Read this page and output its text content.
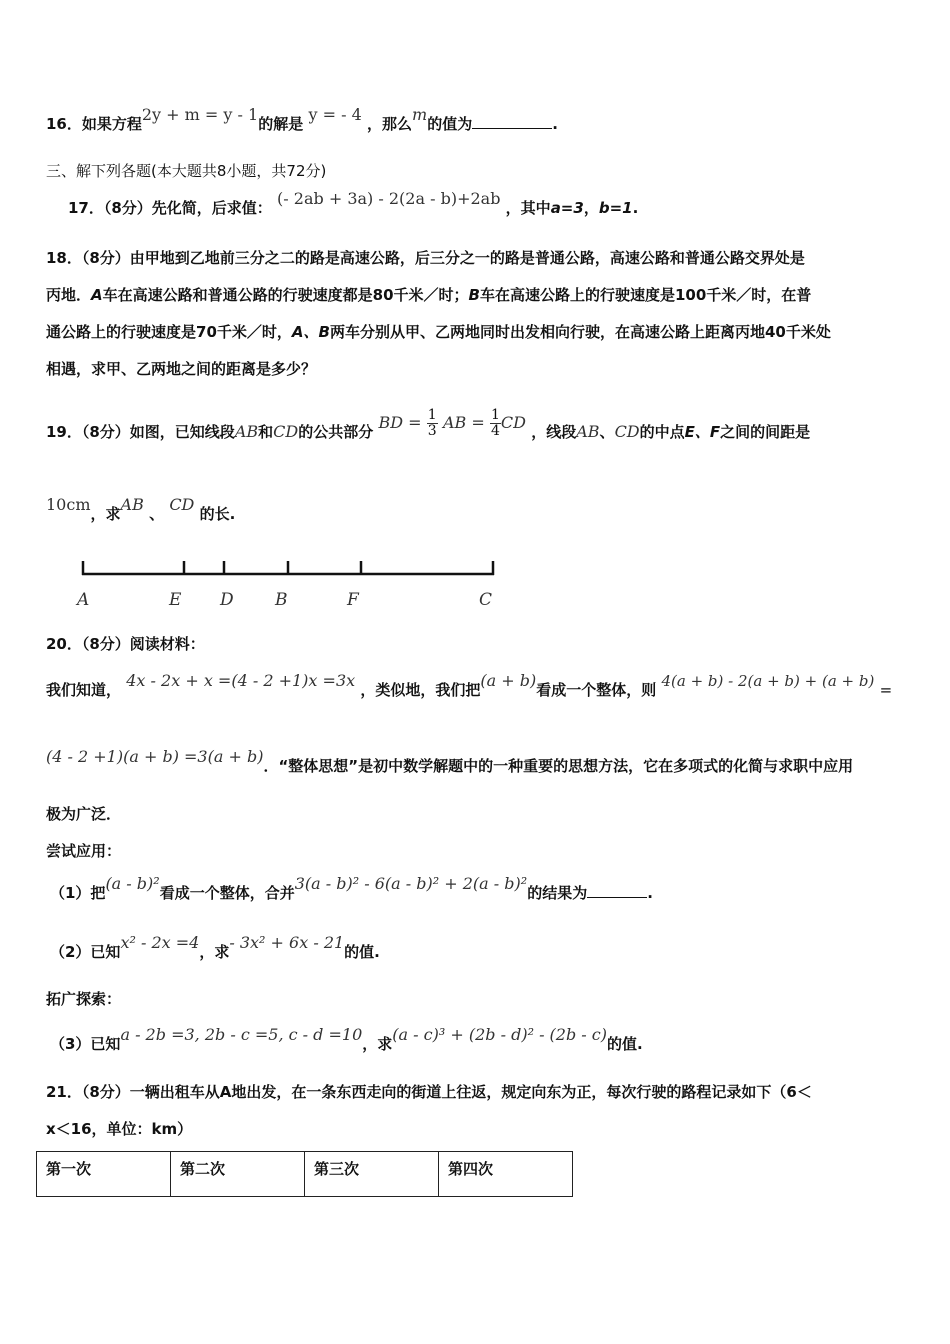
16．如果方程2y + m = y - 1的解是 y = - 4 ，那么m的值为	.
三、解下列各题(本大题共8小题，共72分)
17．（8分）先化简，后求值： (- 2ab + 3a) - 2(2a - b)+2ab ，其中a=3，b=1.
18．（8分）由甲地到乙地前三分之二的路是高速公路，后三分之一的路是普通公路，高速公路和普通公路交界处是
丙地．A车在高速公路和普通公路的行驶速度都是80千米／时；B车在高速公路上的行驶速度是100千米／时，在普
通公路上的行驶速度是70千米／时，A、B两车分别从甲、乙两地同时出发相向行驶，在高速公路上距离丙地40千米处
相遇，求甲、乙两地之间的距离是多少？
19．（8分）如图，已知线段AB和CD的公共部分 BD = $\frac{1}{3}$ AB = $\frac{1}{4}$ CD ，线段AB、CD的中点E、F之间的间距是
10cm，求AB 、 CD 的长.
A	E D B	F	C
20．（8分）阅读材料：
我们知道， 4x - 2x + x =(4 - 2 +1)x =3x ，类似地，我们把(a + b)看成一个整体，则 4(a + b) - 2(a + b) + (a + b) =
(4 - 2 +1)(a + b) =3(a + b)．“整体思想”是初中数学解题中的一种重要的思想方法，它在多项式的化简与求职中应用
极为广泛．
尝试应用：
（1）把(a - b)²看成一个整体，合并3(a - b)² - 6(a - b)² + 2(a - b)²的结果为	.
（2）已知x² - 2x =4，求- 3x² + 6x - 21的值.
拓广探索：
（3）已知a - 2b =3, 2b - c =5, c - d =10，求(a - c)³ + (2b - d)² - (2b - c)的值.
21．（8分）一辆出租车从A地出发，在一条东西走向的街道上往返，规定向东为正，每次行驶的路程记录如下（6＜
x＜16，单位：km）
第一次	第二次	第三次	第四次
